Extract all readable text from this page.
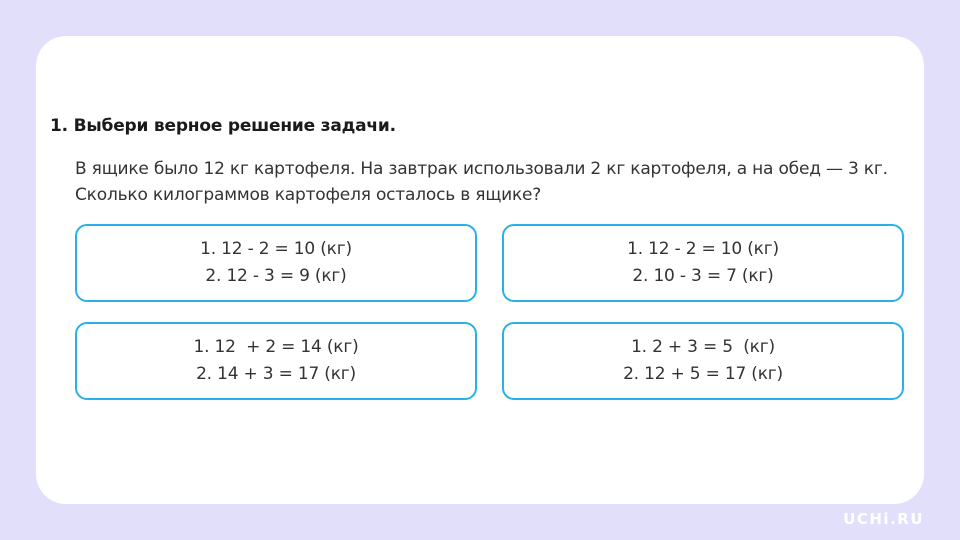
1. Выбери верное решение задачи.

В ящике было 12 кг картофеля. На завтрак использовали 2 кг картофеля, а на обед — 3 кг. Сколько килограммов картофеля осталось в ящике?

1. 12 - 2 = 10 (кг)
2. 12 - 3 = 9 (кг)
1. 12 - 2 = 10 (кг)
2. 10 - 3 = 7 (кг)
1. 12  + 2 = 14 (кг)
2. 14 + 3 = 17 (кг)
1. 2 + 3 = 5  (кг)
2. 12 + 5 = 17 (кг)
UCHi.RU
